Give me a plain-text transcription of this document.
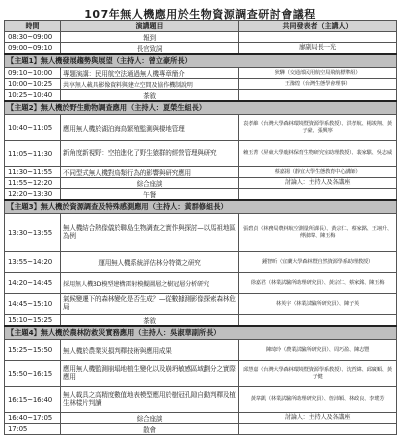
107年無人機應用於生物資源調查研討會議程
時間	演講題目	共同發表者（主講人）
08:30~09:00	報到	
09:00~09:10	長官致詞	廖副局長一光
【主題1】無人機發展趨勢與展望（主持人：曾立豪所長）		
09:10~10:00	專題演講：民用航空法通過無人機專章簡介	狄驊（交通部民用航空局飛航標準組）
10:00~10:25	共享無人載具影像資料與建立空間及協作機制說明	王豫煌（台灣生態學會理事）
10:25~10:40	茶敘	
【主題2】無人機於野生動物調查應用（主持人：夏榮生組長）		
10:40~11:05	應用無人機於湖泊海鳥繁殖監測與棲地管理	袁孝維（台灣大學森林環境暨資源學系教授）、洪孝航、楊竣翔、黃子豪、張興寧
11:05~11:30	新角度新視野：空拍進化了野生猿群的經營管理與研究	賴玉菁（屏東大學鹿林保育生物研究室助理教授）、裴家騏、吳志威
11:30~11:55	不同型式無人機對鳥類行為的影響與研究應用	蔡嘉揚（靜宜大學生態教育中心講師）
11:55~12:20	綜合座談	討論人：主持人及各講座
12:20~13:30	午餐	
【主題3】無人機於資源調查及特殊感測應用（主持人：黃群修組長）		
13:30~13:55	無人機結合熱像儀於聯島生物調查之實作與探討—以馬祖地區為例	張碧貞（林務局農林航空測量所課長）、黃宗仁、蔡家銘、王翊升、傅淑瑋、陳玉梅
13:55~14:20	運用無人機系統評估林分特徵之研究	鍾智昕（宜蘭大學森林暨自然資源學系助理教授）
14:20~14:45	採用無人機3D模型建構雷射模擬圖層之樹冠層分析研究	徐嘉君（林業試驗所助理研究員）、黃宗仁、蔡家銘、陳玉梅
14:45~15:10	氣候變遷下的森林變化是否生成？—從數據測影像探索森林危局	林英宇（林業試驗所研究員）、陳子英
15:10~15:25	茶敘	
【主題4】無人機於農林防救災實務應用（主持人：吳淑華副所長）		
15:25~15:50	無人機於農業災損判釋技術與應用成果	陳琦玲（農業試驗所研究員）、周巧盈、陳志豐
15:50~16:15	應用無人機監測崩塌地植生變化以及崩坍敏感區域劃分之實際應用	邱慧嘉（台灣大學森林環境暨資源學系教授）、沈哲緯、邱廣順、黃子健
16:15~16:40	無人載具之高精度數值地表模型應用於樹冠孔隙自動判釋及植生林樣片判讀	黃韋凱（林業試驗所助理研究員）、詹沛穎、林政良、李瑤芳
16:40~17:05	綜合座談	討論人：主持人及各講座
17:05	散會	
